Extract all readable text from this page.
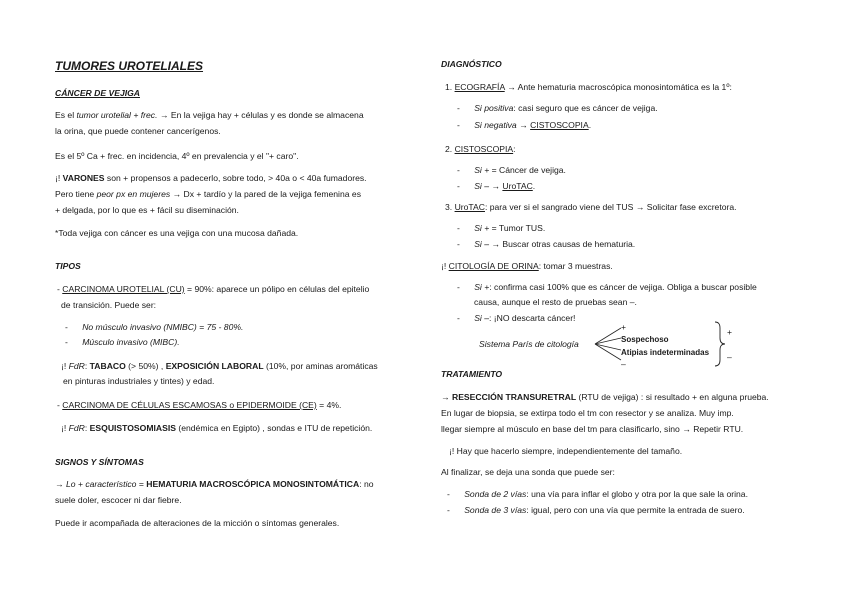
TUMORES UROTELIALES
CÁNCER DE VEJIGA
Es el tumor urotelial + frec. → En la vejiga hay + células y es donde se almacena
la orina, que puede contener cancerígenos.
Es el 5º Ca + frec. en incidencia, 4º en prevalencia y el "+ caro".
¡! VARONES son + propensos a padecerlo, sobre todo, > 40a o < 40a fumadores.
Pero tiene peor px en mujeres → Dx + tardío y la pared de la vejiga femenina es
+ delgada, por lo que es + fácil su diseminación.
*Toda vejiga con cáncer es una vejiga con una mucosa dañada.
TIPOS
- CARCINOMA UROTELIAL (CU) = 90%: aparece un pólipo en células del epitelio
de transición. Puede ser:
-      No músculo invasivo (NMIBC) = 75 - 80%.
-      Músculo invasivo (MIBC).
¡! FdR: TABACO (> 50%) , EXPOSICIÓN LABORAL (10%, por aminas aromáticas
en pinturas industriales y tintes) y edad.
- CARCINOMA DE CÉLULAS ESCAMOSAS o EPIDERMOIDE (CE) = 4%.
¡! FdR: ESQUISTOSOMIASIS (endémica en Egipto) , sondas e ITU de repetición.
SIGNOS Y SÍNTOMAS
→ Lo + característico = HEMATURIA MACROSCÓPICA MONOSINTOMÁTICA: no
suele doler, escocer ni dar fiebre.
Puede ir acompañada de alteraciones de la micción o síntomas generales.
DIAGNÓSTICO
1. ECOGRAFÍA → Ante hematuria macroscópica monosintomática es la 1º:
-      Si positiva: casi seguro que es cáncer de vejiga.
-      Si negativa → CISTOSCOPIA.
2. CISTOSCOPIA:
-      Si + = Cáncer de vejiga.
-      Si – → UroTAC.
3. UroTAC: para ver si el sangrado viene del TUS → Solicitar fase excretora.
-      Si + = Tumor TUS.
-      Si – → Buscar otras causas de hematuria.
¡! CITOLOGÍA DE ORINA: tomar 3 muestras.
-      Si +: confirma casi 100% que es cáncer de vejiga. Obliga a buscar posible
causa, aunque el resto de pruebas sean –.
-      Si –: ¡NO descarta cáncer!
Sistema París de citología
+
Sospechoso
Atipias indeterminadas
–
+
–
TRATAMIENTO
→ RESECCIÓN TRANSURETRAL (RTU de vejiga) : si resultado + en alguna prueba.
En lugar de biopsia, se extirpa todo el tm con resector y se analiza. Muy imp.
llegar siempre al músculo en base del tm para clasificarlo, sino → Repetir RTU.
¡! Hay que hacerlo siempre, independientemente del tamaño.
Al finalizar, se deja una sonda que puede ser:
-      Sonda de 2 vías: una vía para inflar el globo y otra por la que sale la orina.
-      Sonda de 3 vías: igual, pero con una vía que permite la entrada de suero.
